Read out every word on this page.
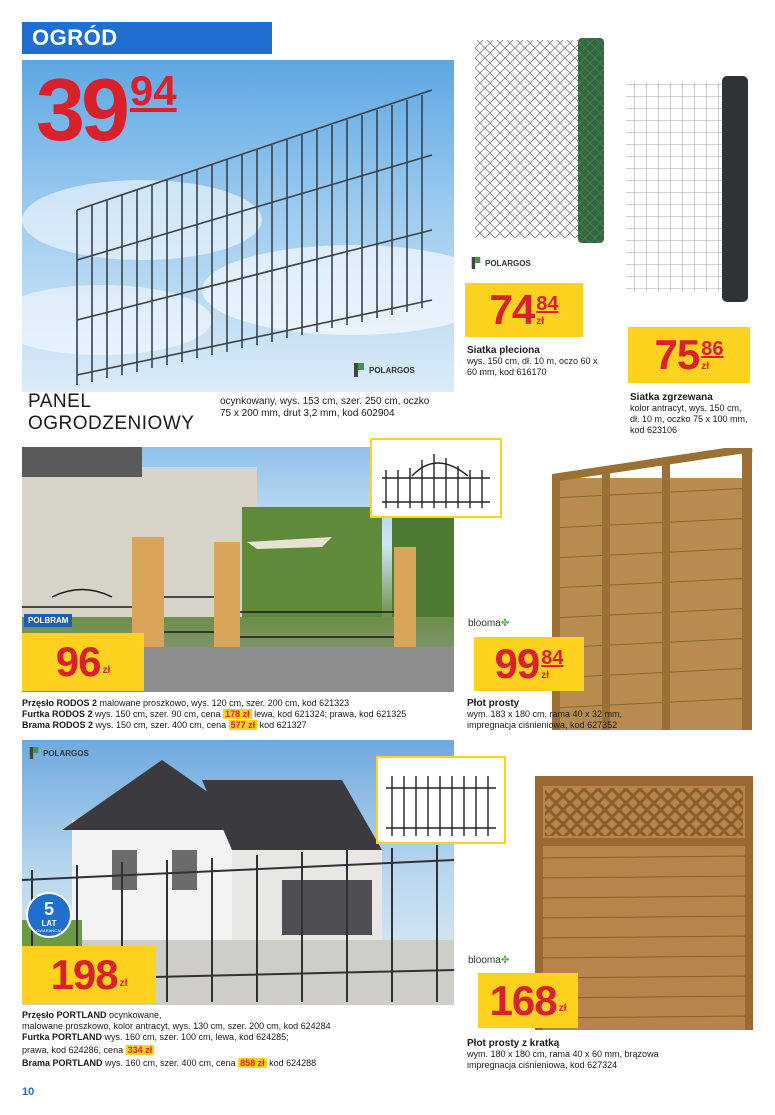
OGRÓD
POLARGOS
39 94
PANEL
OGRODZENIOWY
ocynkowany, wys. 153 cm, szer. 250 cm, oczko 75 x 200 mm, drut 3,2 mm, kod 602904
POLARGOS
$74 \frac{84}{zł}$
Siatka pleciona
wys. 150 cm, dł. 10 m, oczo 60 x 60 mm, kod 616170	$75 \frac{86}{zł}$
Siatka zgrzewana
kolor antracyt, wys. 150 cm, dł. 10 m, oczko 75 x 100 mm, kod 623106
POLBRAM
96 zł
Przęsło RODOS 2 malowane proszkowo, wys. 120 cm, szer. 200 cm, kod 621323
Furtka RODOS 2 wys. 150 cm, szer. 90 cm, cena 178 zł lewa, kod 621324; prawa, kod 621325
Brama RODOS 2 wys. 150 cm, szer. 400 cm, cena 577 zł kod 621327
blooma✤
$99 \frac{84}{zł}$
Płot prosty
wym. 183 x 180 cm, rama 40 x 32 mm, impregnacja ciśnieniowa, kod 627352
POLARGOS
5
LAT
GWARANCJA
198 zł
Przęsło PORTLAND ocynkowane,
malowane proszkowo, kolor antracyt, wys. 130 cm, szer. 200 cm, kod 624284
Furtka PORTLAND wys. 160 cm, szer. 100 cm, lewa, kod 624285;
prawa, kod 624286, cena 334 zł
Brama PORTLAND wys. 160 cm, szer. 400 cm, cena 858 zł kod 624288
blooma✤
168 zł
Płot prosty z kratką
wym. 180 x 180 cm, rama 40 x 60 mm, brązowa impregnacja ciśnieniowa, kod 627324
10
